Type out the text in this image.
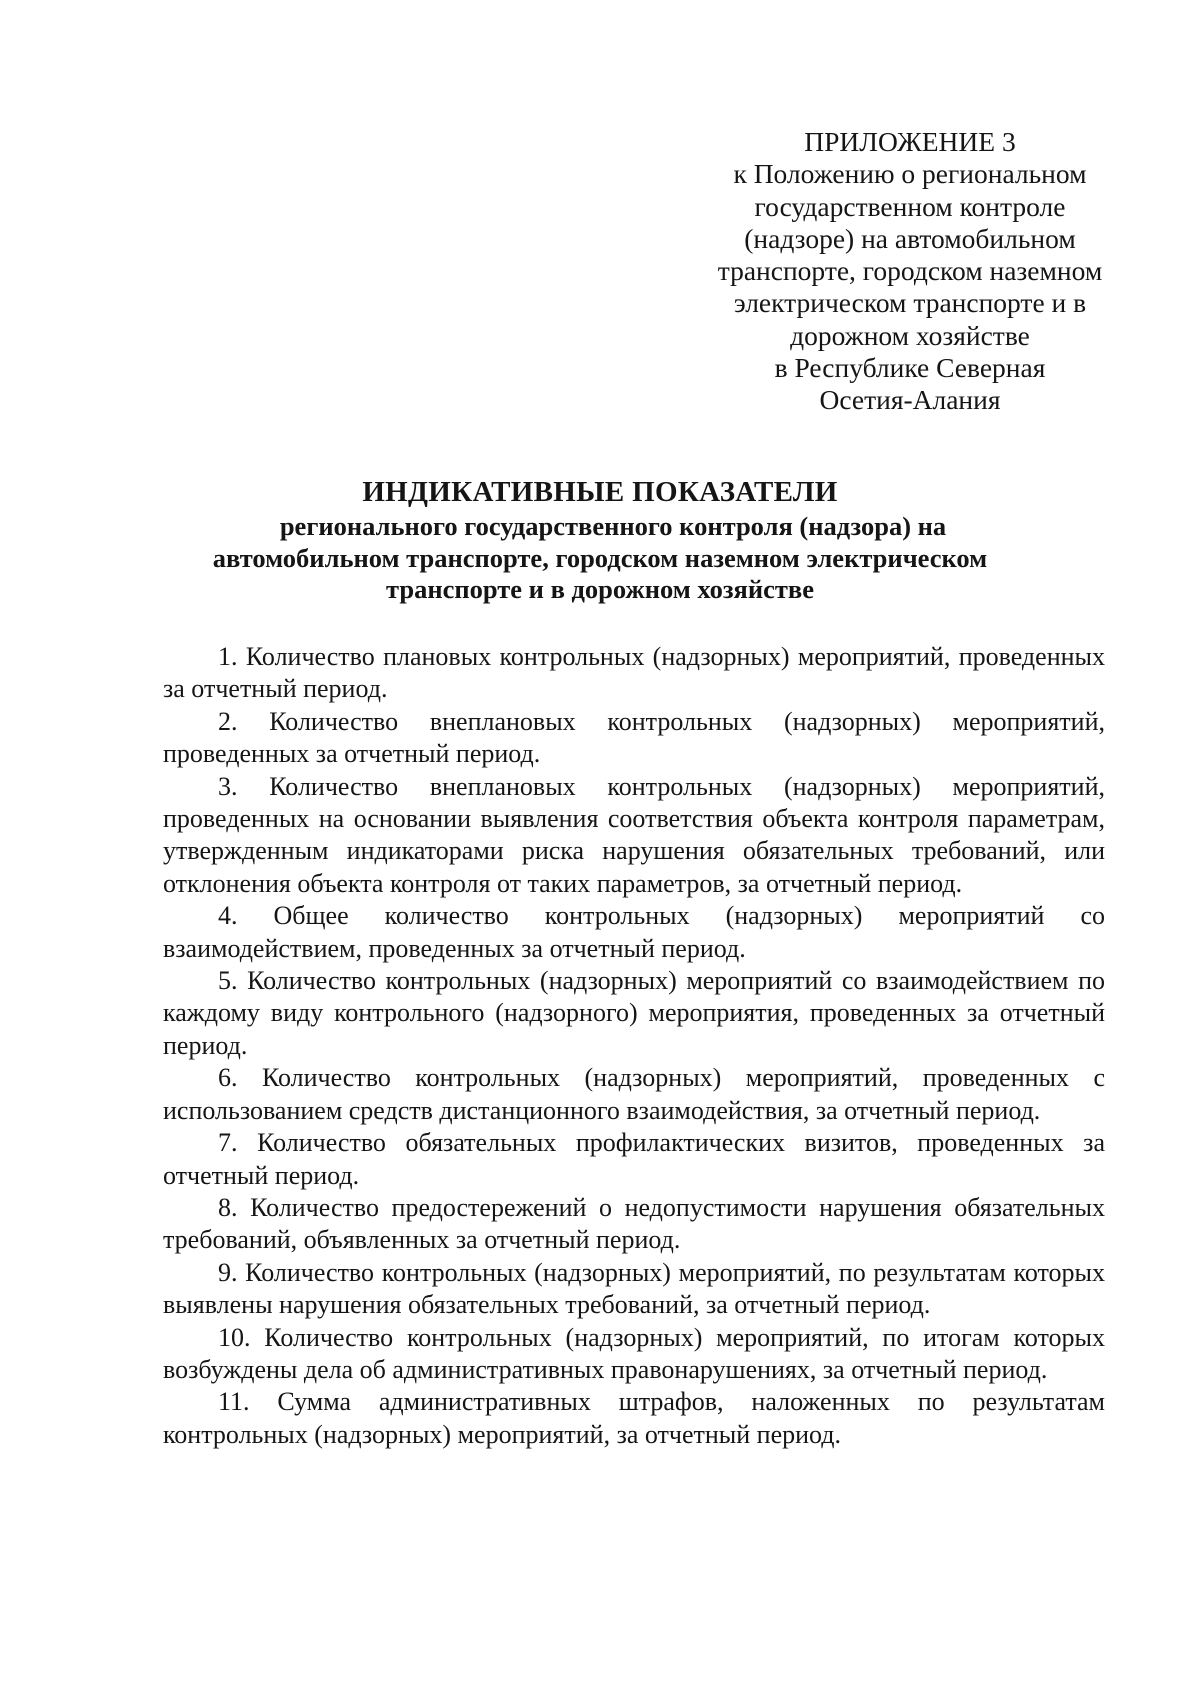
ПРИЛОЖЕНИЕ 3
к Положению о региональном
государственном контроле
(надзоре) на автомобильном
транспорте, городском наземном
электрическом транспорте и в
дорожном хозяйстве
в Республике Северная
Осетия-Алания
ИНДИКАТИВНЫЕ ПОКАЗАТЕЛИ
регионального государственного контроля (надзора) на
автомобильном транспорте, городском наземном электрическом
транспорте и в дорожном хозяйстве
1. Количество плановых контрольных (надзорных) мероприятий, проведенных за отчетный период.
2. Количество внеплановых контрольных (надзорных) мероприятий, проведенных за отчетный период.
3. Количество внеплановых контрольных (надзорных) мероприятий, проведенных на основании выявления соответствия объекта контроля параметрам, утвержденным индикаторами риска нарушения обязательных требований, или отклонения объекта контроля от таких параметров, за отчетный период.
4. Общее количество контрольных (надзорных) мероприятий со взаимодействием, проведенных за отчетный период.
5. Количество контрольных (надзорных) мероприятий со взаимодействием по каждому виду контрольного (надзорного) мероприятия, проведенных за отчетный период.
6. Количество контрольных (надзорных) мероприятий, проведенных с использованием средств дистанционного взаимодействия, за отчетный период.
7. Количество обязательных профилактических визитов, проведенных за отчетный период.
8. Количество предостережений о недопустимости нарушения обязательных требований, объявленных за отчетный период.
9. Количество контрольных (надзорных) мероприятий, по результатам которых выявлены нарушения обязательных требований, за отчетный период.
10. Количество контрольных (надзорных) мероприятий, по итогам которых возбуждены дела об административных правонарушениях, за отчетный период.
11. Сумма административных штрафов, наложенных по результатам контрольных (надзорных) мероприятий, за отчетный период.
